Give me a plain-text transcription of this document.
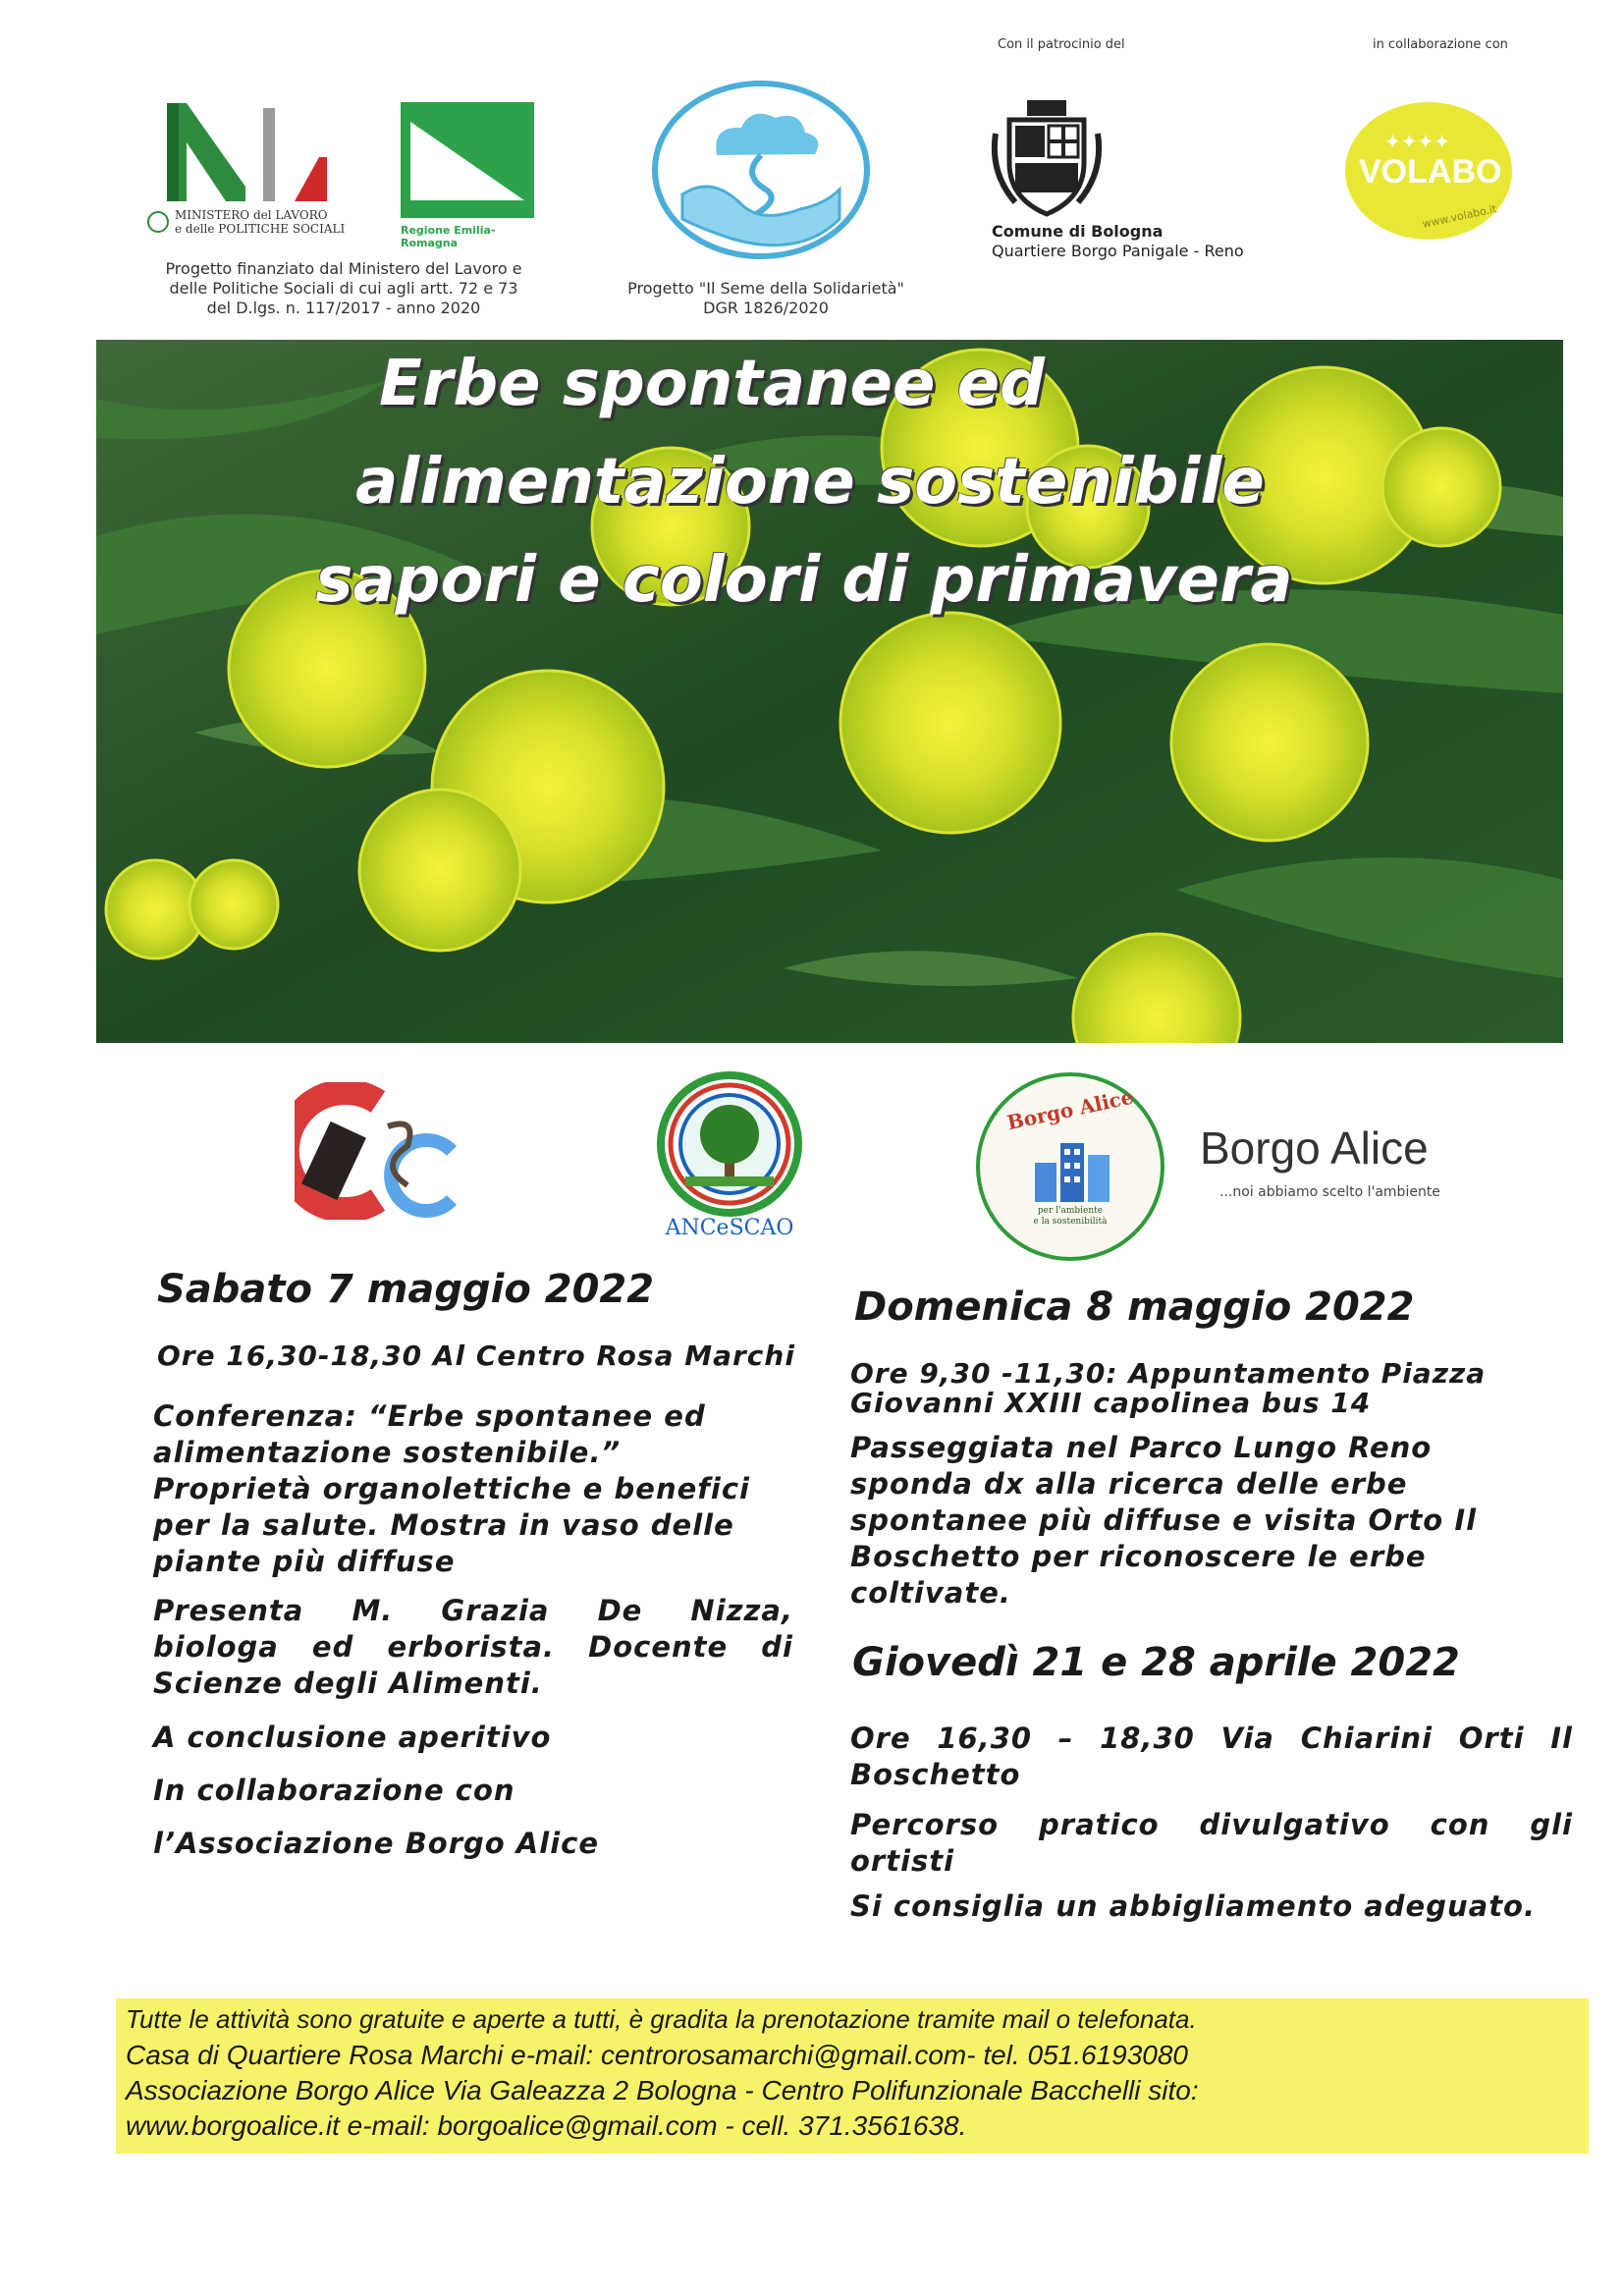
Con il patrocinio del	in collaborazione con
MINISTERO del LAVORO
e delle POLITICHE SOCIALI	Regione Emilia-Romagna
Progetto finanziato dal Ministero del Lavoro e
delle Politiche Sociali di cui agli artt. 72 e 73
del D.lgs. n. 117/2017 - anno 2020
Progetto "Il Seme della Solidarietà"
DGR 1826/2020
Comune di Bologna
Quartiere Borgo Panigale - Reno
✦✦✦✦
VOLABO
www.volabo.it
Erbe spontanee ed
alimentazione sostenibile
sapori e colori di primavera
ANCeSCAO
Borgo Alice
per l'ambiente
e la sostenibilità
Borgo Alice
...noi abbiamo scelto l'ambiente
Sabato 7 maggio 2022
Ore 16,30-18,30 Al Centro Rosa Marchi
Conferenza: “Erbe spontanee ed
alimentazione sostenibile.”
Proprietà organolettiche e benefici
per la salute. Mostra in vaso delle
piante più diffuse
Presenta M. Grazia De Nizza,
biologa ed erborista. Docente di
Scienze degli Alimenti.
A conclusione aperitivo
In collaborazione con
l’Associazione Borgo Alice
Domenica 8 maggio 2022
Ore 9,30 -11,30: Appuntamento Piazza
Giovanni XXIII capolinea bus 14
Passeggiata nel Parco Lungo Reno
sponda dx alla ricerca delle erbe
spontanee più diffuse e visita Orto Il
Boschetto per riconoscere le erbe
coltivate.
Giovedì 21 e 28 aprile 2022
Ore 16,30 – 18,30 Via Chiarini Orti Il
Boschetto
Percorso pratico divulgativo con gli
ortisti
Si consiglia un abbigliamento adeguato.
Tutte le attività sono gratuite e aperte a tutti, è gradita la prenotazione tramite mail o telefonata.
Casa di Quartiere Rosa Marchi e-mail: centrorosamarchi@gmail.com- tel. 051.6193080
Associazione Borgo Alice Via Galeazza 2 Bologna - Centro Polifunzionale Bacchelli sito:
www.borgoalice.it e-mail: borgoalice@gmail.com - cell. 371.3561638.
